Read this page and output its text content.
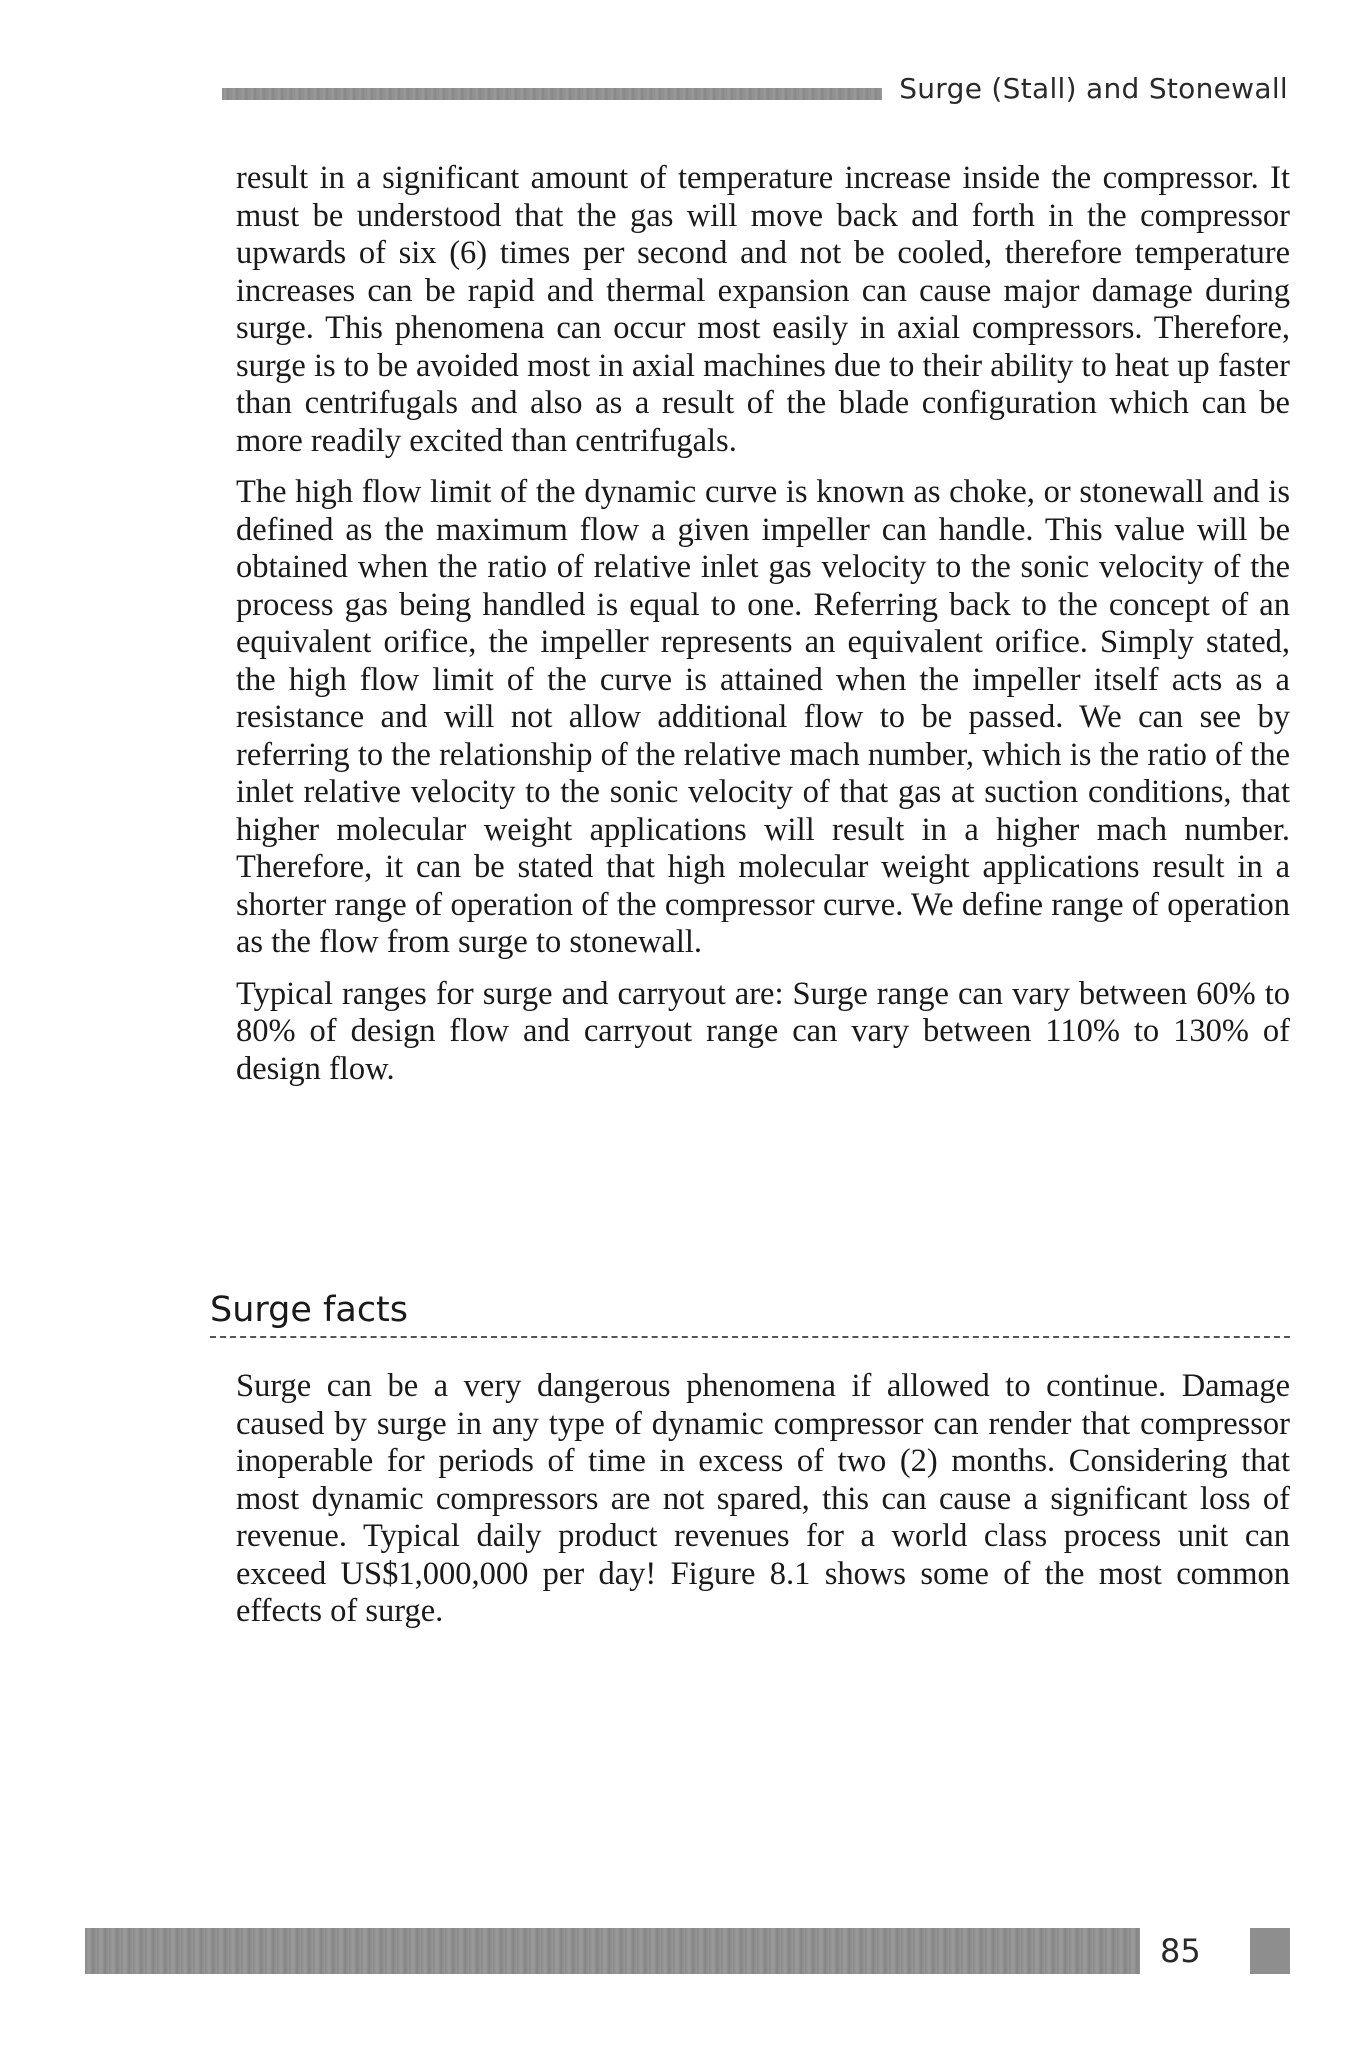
Surge (Stall) and Stonewall

result in a significant amount of temperature increase inside the compressor. It must be understood that the gas will move back and forth in the compressor upwards of six (6) times per second and not be cooled, therefore temperature increases can be rapid and thermal expansion can cause major damage during surge. This phenomena can occur most easily in axial compressors. Therefore, surge is to be avoided most in axial machines due to their ability to heat up faster than centrifugals and also as a result of the blade configuration which can be more readily excited than centrifugals.

The high flow limit of the dynamic curve is known as choke, or stonewall and is defined as the maximum flow a given impeller can handle. This value will be obtained when the ratio of relative inlet gas velocity to the sonic velocity of the process gas being handled is equal to one. Referring back to the concept of an equivalent orifice, the impeller represents an equivalent orifice. Simply stated, the high flow limit of the curve is attained when the impeller itself acts as a resistance and will not allow additional flow to be passed. We can see by referring to the relationship of the relative mach number, which is the ratio of the inlet relative velocity to the sonic velocity of that gas at suction conditions, that higher molecular weight applications will result in a higher mach number. Therefore, it can be stated that high molecular weight applications result in a shorter range of operation of the compressor curve. We define range of operation as the flow from surge to stonewall.

Typical ranges for surge and carryout are: Surge range can vary between 60% to 80% of design flow and carryout range can vary between 110% to 130% of design flow.

Surge facts

Surge can be a very dangerous phenomena if allowed to continue. Damage caused by surge in any type of dynamic compressor can render that compressor inoperable for periods of time in excess of two (2) months. Considering that most dynamic compressors are not spared, this can cause a significant loss of revenue. Typical daily product revenues for a world class process unit can exceed US$1,000,000 per day! Figure 8.1 shows some of the most common effects of surge.

85
